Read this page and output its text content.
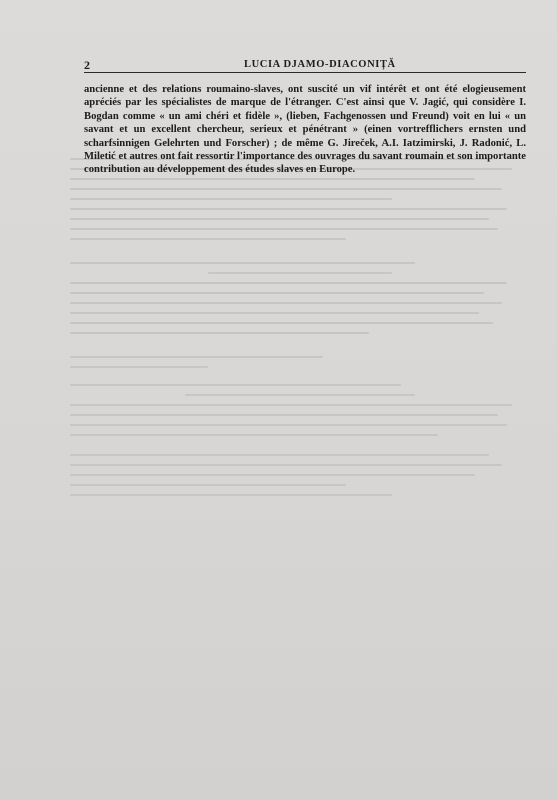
2	LUCIA DJAMO-DIACONIȚĂ

ancienne et des relations roumaino-slaves, ont suscité un vif intérêt et ont été elogieusement apréciés par les spécialistes de marque de l'étranger. C'est ainsi que V. Jagić, qui considère I. Bogdan comme « un ami chéri et fidèle », (lieben, Fachgenossen und Freund) voit en lui « un savant et un excellent chercheur, serieux et pénétrant » (einen vortrefflichers ernsten und scharfsinnigen Gelehrten und Forscher) ; de même G. Jireček, A.I. Iatzimirski, J. Radonić, L. Miletić et autres ont fait ressortir l'importance des ouvrages du savant roumain et son importante contribution au développement des études slaves en Europe.
